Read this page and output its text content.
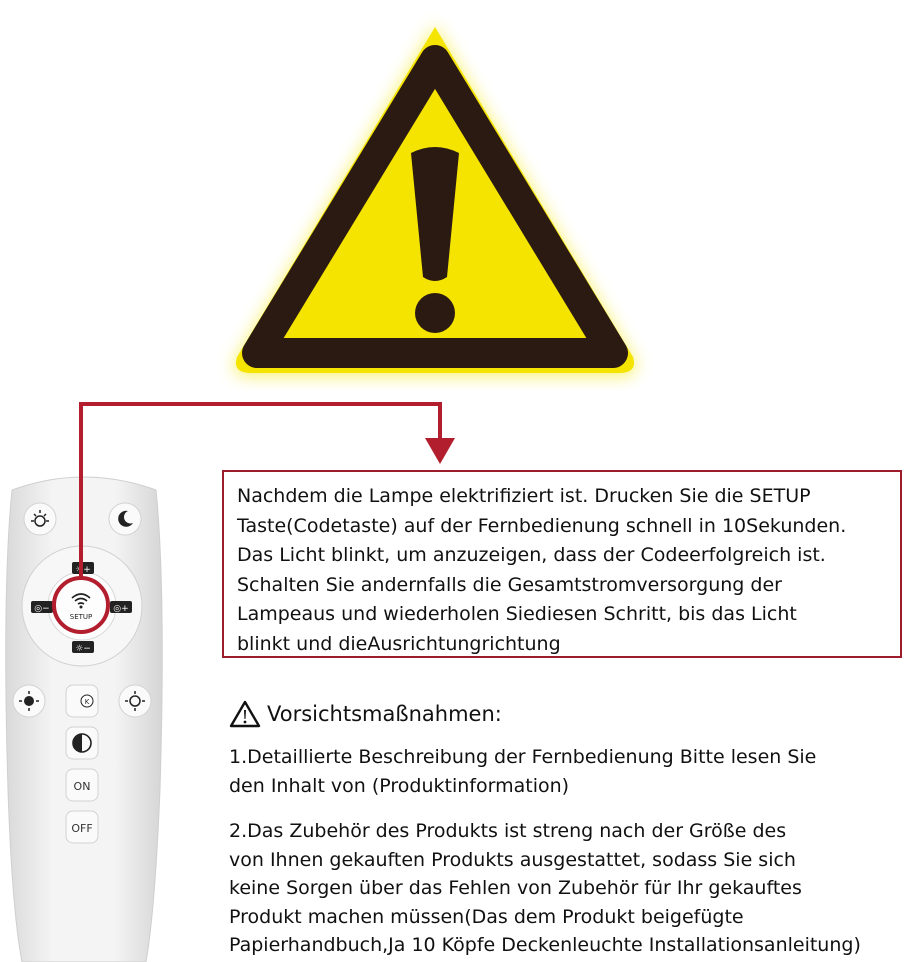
☼+
☼−
◎−	◎+
SETUP
K
ON
OFF

Nachdem die Lampe elektrifiziert ist. Drucken Sie die SETUP
Taste(Codetaste) auf der Fernbedienung schnell in 10Sekunden.
Das Licht blinkt, um anzuzeigen, dass der Codeerfolgreich ist.
Schalten Sie andernfalls die Gesamtstromversorgung der
Lampeaus und wiederholen Siediesen Schritt, bis das Licht
blinkt und dieAusrichtungrichtung

Vorsichtsmaßnahmen:

1.Detaillierte Beschreibung der Fernbedienung Bitte lesen Sie
den Inhalt von (Produktinformation)

2.Das Zubehör des Produkts ist streng nach der Größe des
von Ihnen gekauften Produkts ausgestattet, sodass Sie sich
keine Sorgen über das Fehlen von Zubehör für Ihr gekauftes
Produkt machen müssen(Das dem Produkt beigefügte
Papierhandbuch,Ja 10 Köpfe Deckenleuchte Installationsanleitung)
